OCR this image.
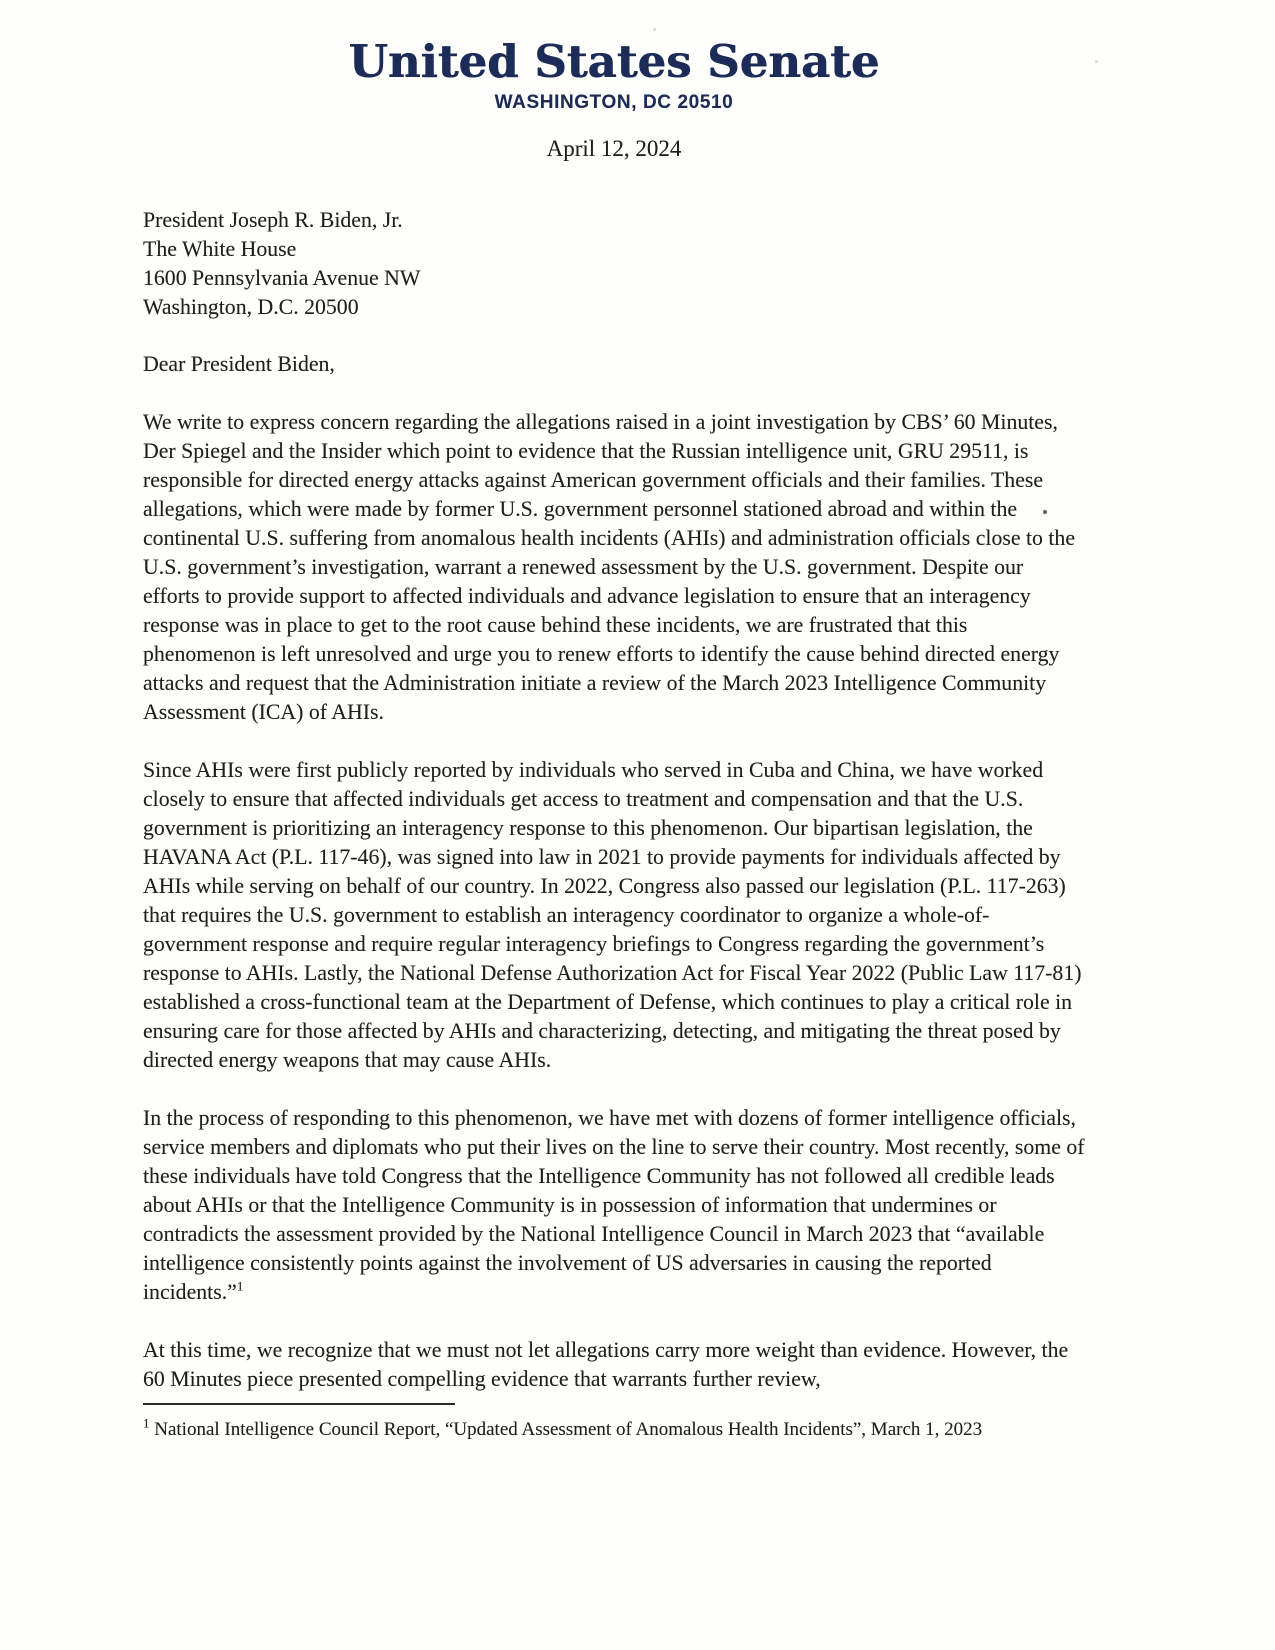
United States Senate
WASHINGTON, DC 20510
April 12, 2024
President Joseph R. Biden, Jr.
The White House
1600 Pennsylvania Avenue NW
Washington, D.C. 20500

Dear President Biden,

We write to express concern regarding the allegations raised in a joint investigation by CBS’ 60 Minutes, Der Spiegel and the Insider which point to evidence that the Russian intelligence unit, GRU 29511, is responsible for directed energy attacks against American government officials and their families. These allegations, which were made by former U.S. government personnel stationed abroad and within the continental U.S. suffering from anomalous health incidents (AHIs) and administration officials close to the U.S. government’s investigation, warrant a renewed assessment by the U.S. government. Despite our efforts to provide support to affected individuals and advance legislation to ensure that an interagency response was in place to get to the root cause behind these incidents, we are frustrated that this phenomenon is left unresolved and urge you to renew efforts to identify the cause behind directed energy attacks and request that the Administration initiate a review of the March 2023 Intelligence Community Assessment (ICA) of AHIs.

Since AHIs were first publicly reported by individuals who served in Cuba and China, we have worked closely to ensure that affected individuals get access to treatment and compensation and that the U.S. government is prioritizing an interagency response to this phenomenon. Our bipartisan legislation, the HAVANA Act (P.L. 117-46), was signed into law in 2021 to provide payments for individuals affected by AHIs while serving on behalf of our country. In 2022, Congress also passed our legislation (P.L. 117-263) that requires the U.S. government to establish an interagency coordinator to organize a whole-of-government response and require regular interagency briefings to Congress regarding the government’s response to AHIs. Lastly, the National Defense Authorization Act for Fiscal Year 2022 (Public Law 117-81) established a cross-functional team at the Department of Defense, which continues to play a critical role in ensuring care for those affected by AHIs and characterizing, detecting, and mitigating the threat posed by directed energy weapons that may cause AHIs.

In the process of responding to this phenomenon, we have met with dozens of former intelligence officials, service members and diplomats who put their lives on the line to serve their country. Most recently, some of these individuals have told Congress that the Intelligence Community has not followed all credible leads about AHIs or that the Intelligence Community is in possession of information that undermines or contradicts the assessment provided by the National Intelligence Council in March 2023 that “available intelligence consistently points against the involvement of US adversaries in causing the reported incidents.”$^1$

At this time, we recognize that we must not let allegations carry more weight than evidence. However, the 60 Minutes piece presented compelling evidence that warrants further review,

$^1$ National Intelligence Council Report, “Updated Assessment of Anomalous Health Incidents”, March 1, 2023
